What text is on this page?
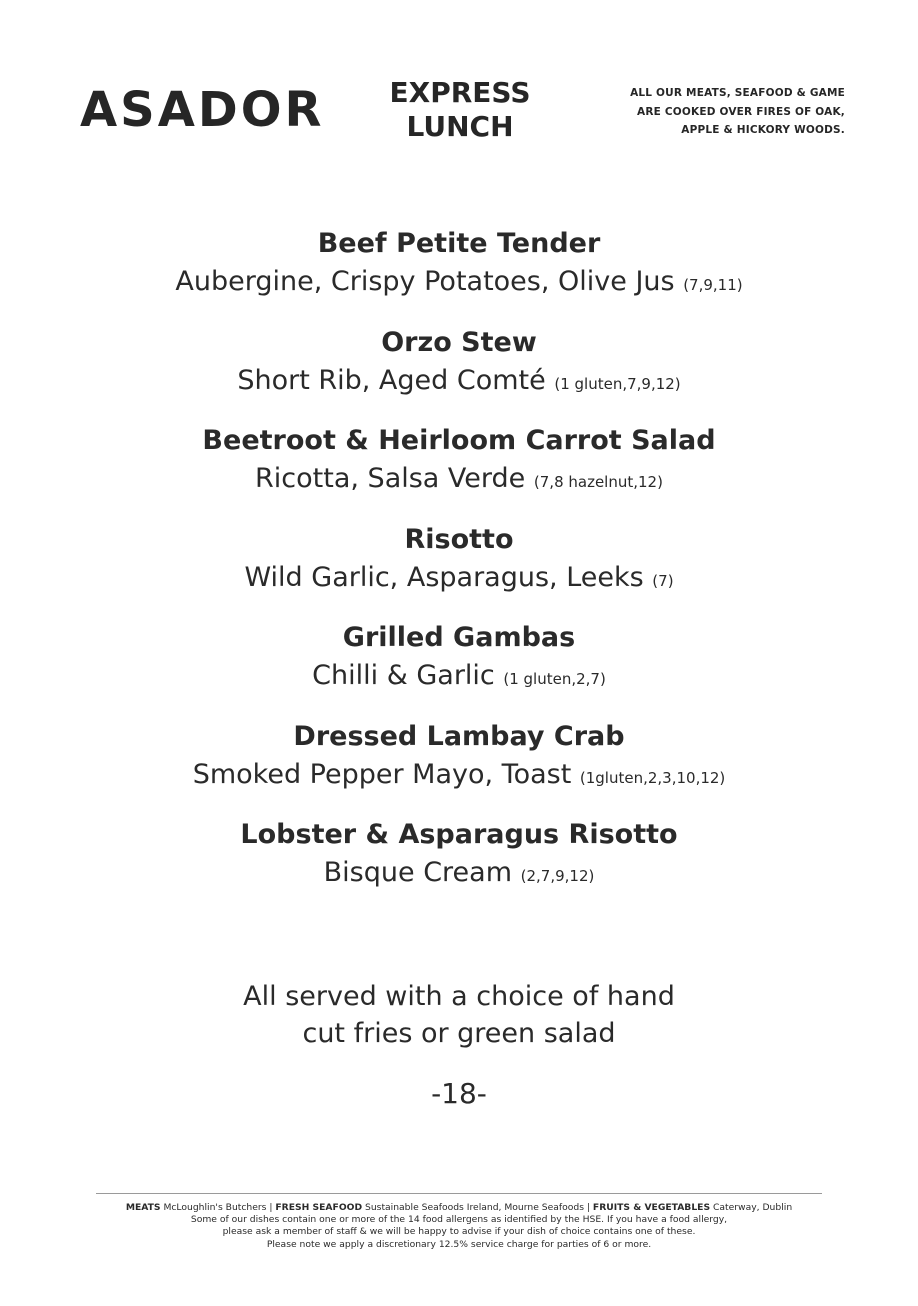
ASADOR	EXPRESS
LUNCH
ALL OUR MEATS, SEAFOOD & GAME
ARE COOKED OVER FIRES OF OAK,
APPLE & HICKORY WOODS.
Beef Petite Tender
Aubergine, Crispy Potatoes, Olive Jus (7,9,11)
Orzo Stew
Short Rib, Aged Comté (1 gluten,7,9,12)
Beetroot & Heirloom Carrot Salad
Ricotta, Salsa Verde (7,8 hazelnut,12)
Risotto
Wild Garlic, Asparagus, Leeks (7)
Grilled Gambas
Chilli & Garlic (1 gluten,2,7)
Dressed Lambay Crab
Smoked Pepper Mayo, Toast (1gluten,2,3,10,12)
Lobster & Asparagus Risotto
Bisque Cream (2,7,9,12)
All served with a choice of hand
cut fries or green salad
-18-
MEATS McLoughlin's Butchers | FRESH SEAFOOD Sustainable Seafoods Ireland, Mourne Seafoods | FRUITS & VEGETABLES Caterway, Dublin
Some of our dishes contain one or more of the 14 food allergens as identified by the HSE. If you have a food allergy,
please ask a member of staff & we will be happy to advise if your dish of choice contains one of these.
Please note we apply a discretionary 12.5% service charge for parties of 6 or more.
